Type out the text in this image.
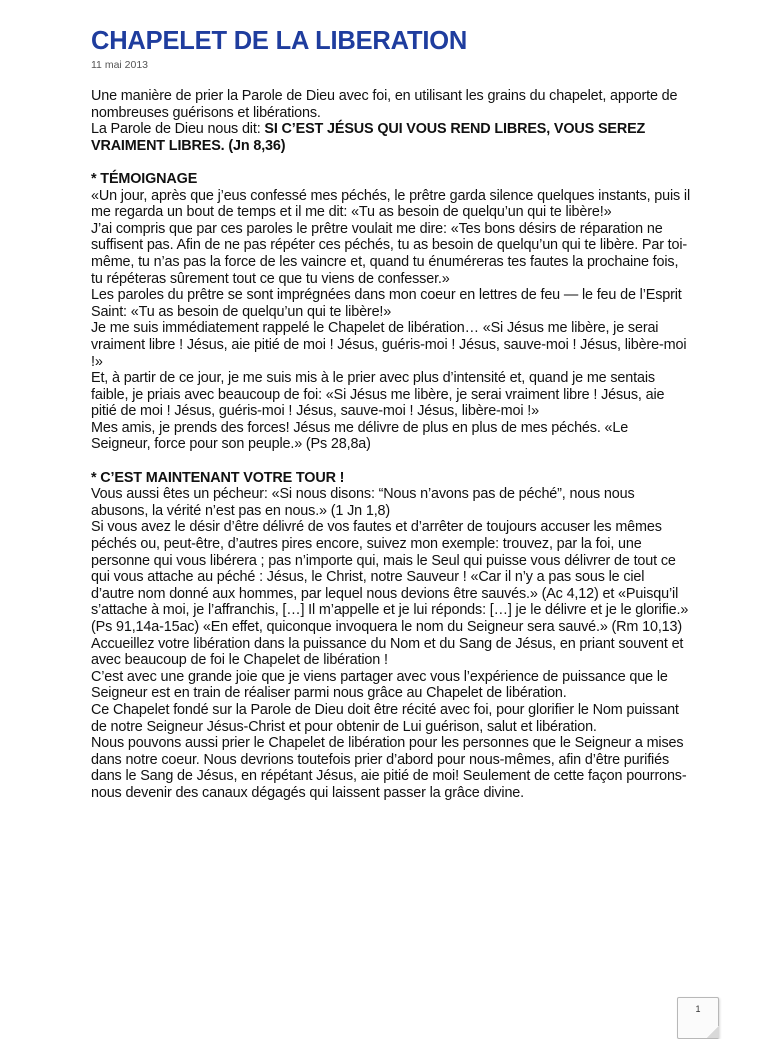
CHAPELET DE LA LIBERATION
11 mai 2013

Une manière de prier la Parole de Dieu avec foi, en utilisant les grains du chapelet, apporte de nombreuses guérisons et libérations.

La Parole de Dieu nous dit: SI C’EST JÉSUS QUI VOUS REND LIBRES, VOUS SEREZ VRAIMENT LIBRES. (Jn 8,36)

* TÉMOIGNAGE

«Un jour, après que j’eus confessé mes péchés, le prêtre garda silence quelques instants, puis il me regarda un bout de temps et il me dit: «Tu as besoin de quelqu’un qui te libère!»

J’ai compris que par ces paroles le prêtre voulait me dire: «Tes bons désirs de réparation ne suffisent pas. Afin de ne pas répéter ces péchés, tu as besoin de quelqu’un qui te libère. Par toi-même, tu n’as pas la force de les vaincre et, quand tu énuméreras tes fautes la prochaine fois, tu répéteras sûrement tout ce que tu viens de confesser.»

Les paroles du prêtre se sont imprégnées dans mon coeur en lettres de feu — le feu de l’Esprit Saint: «Tu as besoin de quelqu’un qui te libère!»

Je me suis immédiatement rappelé le Chapelet de libération… «Si Jésus me libère, je serai vraiment libre ! Jésus, aie pitié de moi ! Jésus, guéris-moi ! Jésus, sauve-moi ! Jésus, libère-moi !»

Et, à partir de ce jour, je me suis mis à le prier avec plus d’intensité et, quand je me sentais faible, je priais avec beaucoup de foi: «Si Jésus me libère, je serai vraiment libre ! Jésus, aie pitié de moi ! Jésus, guéris-moi ! Jésus, sauve-moi ! Jésus, libère-moi !»

Mes amis, je prends des forces! Jésus me délivre de plus en plus de mes péchés. «Le Seigneur, force pour son peuple.» (Ps 28,8a)

* C’EST MAINTENANT VOTRE TOUR !

Vous aussi êtes un pécheur: «Si nous disons: “Nous n’avons pas de péché”, nous nous abusons, la vérité n’est pas en nous.» (1 Jn 1,8)

Si vous avez le désir d’être délivré de vos fautes et d’arrêter de toujours accuser les mêmes péchés ou, peut-être, d’autres pires encore, suivez mon exemple: trouvez, par la foi, une personne qui vous libérera ; pas n’importe qui, mais le Seul qui puisse vous délivrer de tout ce qui vous attache au péché : Jésus, le Christ, notre Sauveur ! «Car il n’y a pas sous le ciel d’autre nom donné aux hommes, par lequel nous devions être sauvés.» (Ac 4,12) et «Puisqu’il s’attache à moi, je l’affranchis, […] Il m’appelle et je lui réponds: […] je le délivre et je le glorifie.» (Ps 91,14a-15ac) «En effet, quiconque invoquera le nom du Seigneur sera sauvé.» (Rm 10,13)

Accueillez votre libération dans la puissance du Nom et du Sang de Jésus, en priant souvent et avec beaucoup de foi le Chapelet de libération !

C’est avec une grande joie que je viens partager avec vous l’expérience de puissance que le Seigneur est en train de réaliser parmi nous grâce au Chapelet de libération.

Ce Chapelet fondé sur la Parole de Dieu doit être récité avec foi, pour glorifier le Nom puissant de notre Seigneur Jésus-Christ et pour obtenir de Lui guérison, salut et libération.

Nous pouvons aussi prier le Chapelet de libération pour les personnes que le Seigneur a mises dans notre coeur. Nous devrions toutefois prier d’abord pour nous-mêmes, afin d’être purifiés dans le Sang de Jésus, en répétant Jésus, aie pitié de moi! Seulement de cette façon pourrons-nous devenir des canaux dégagés qui laissent passer la grâce divine.

1
